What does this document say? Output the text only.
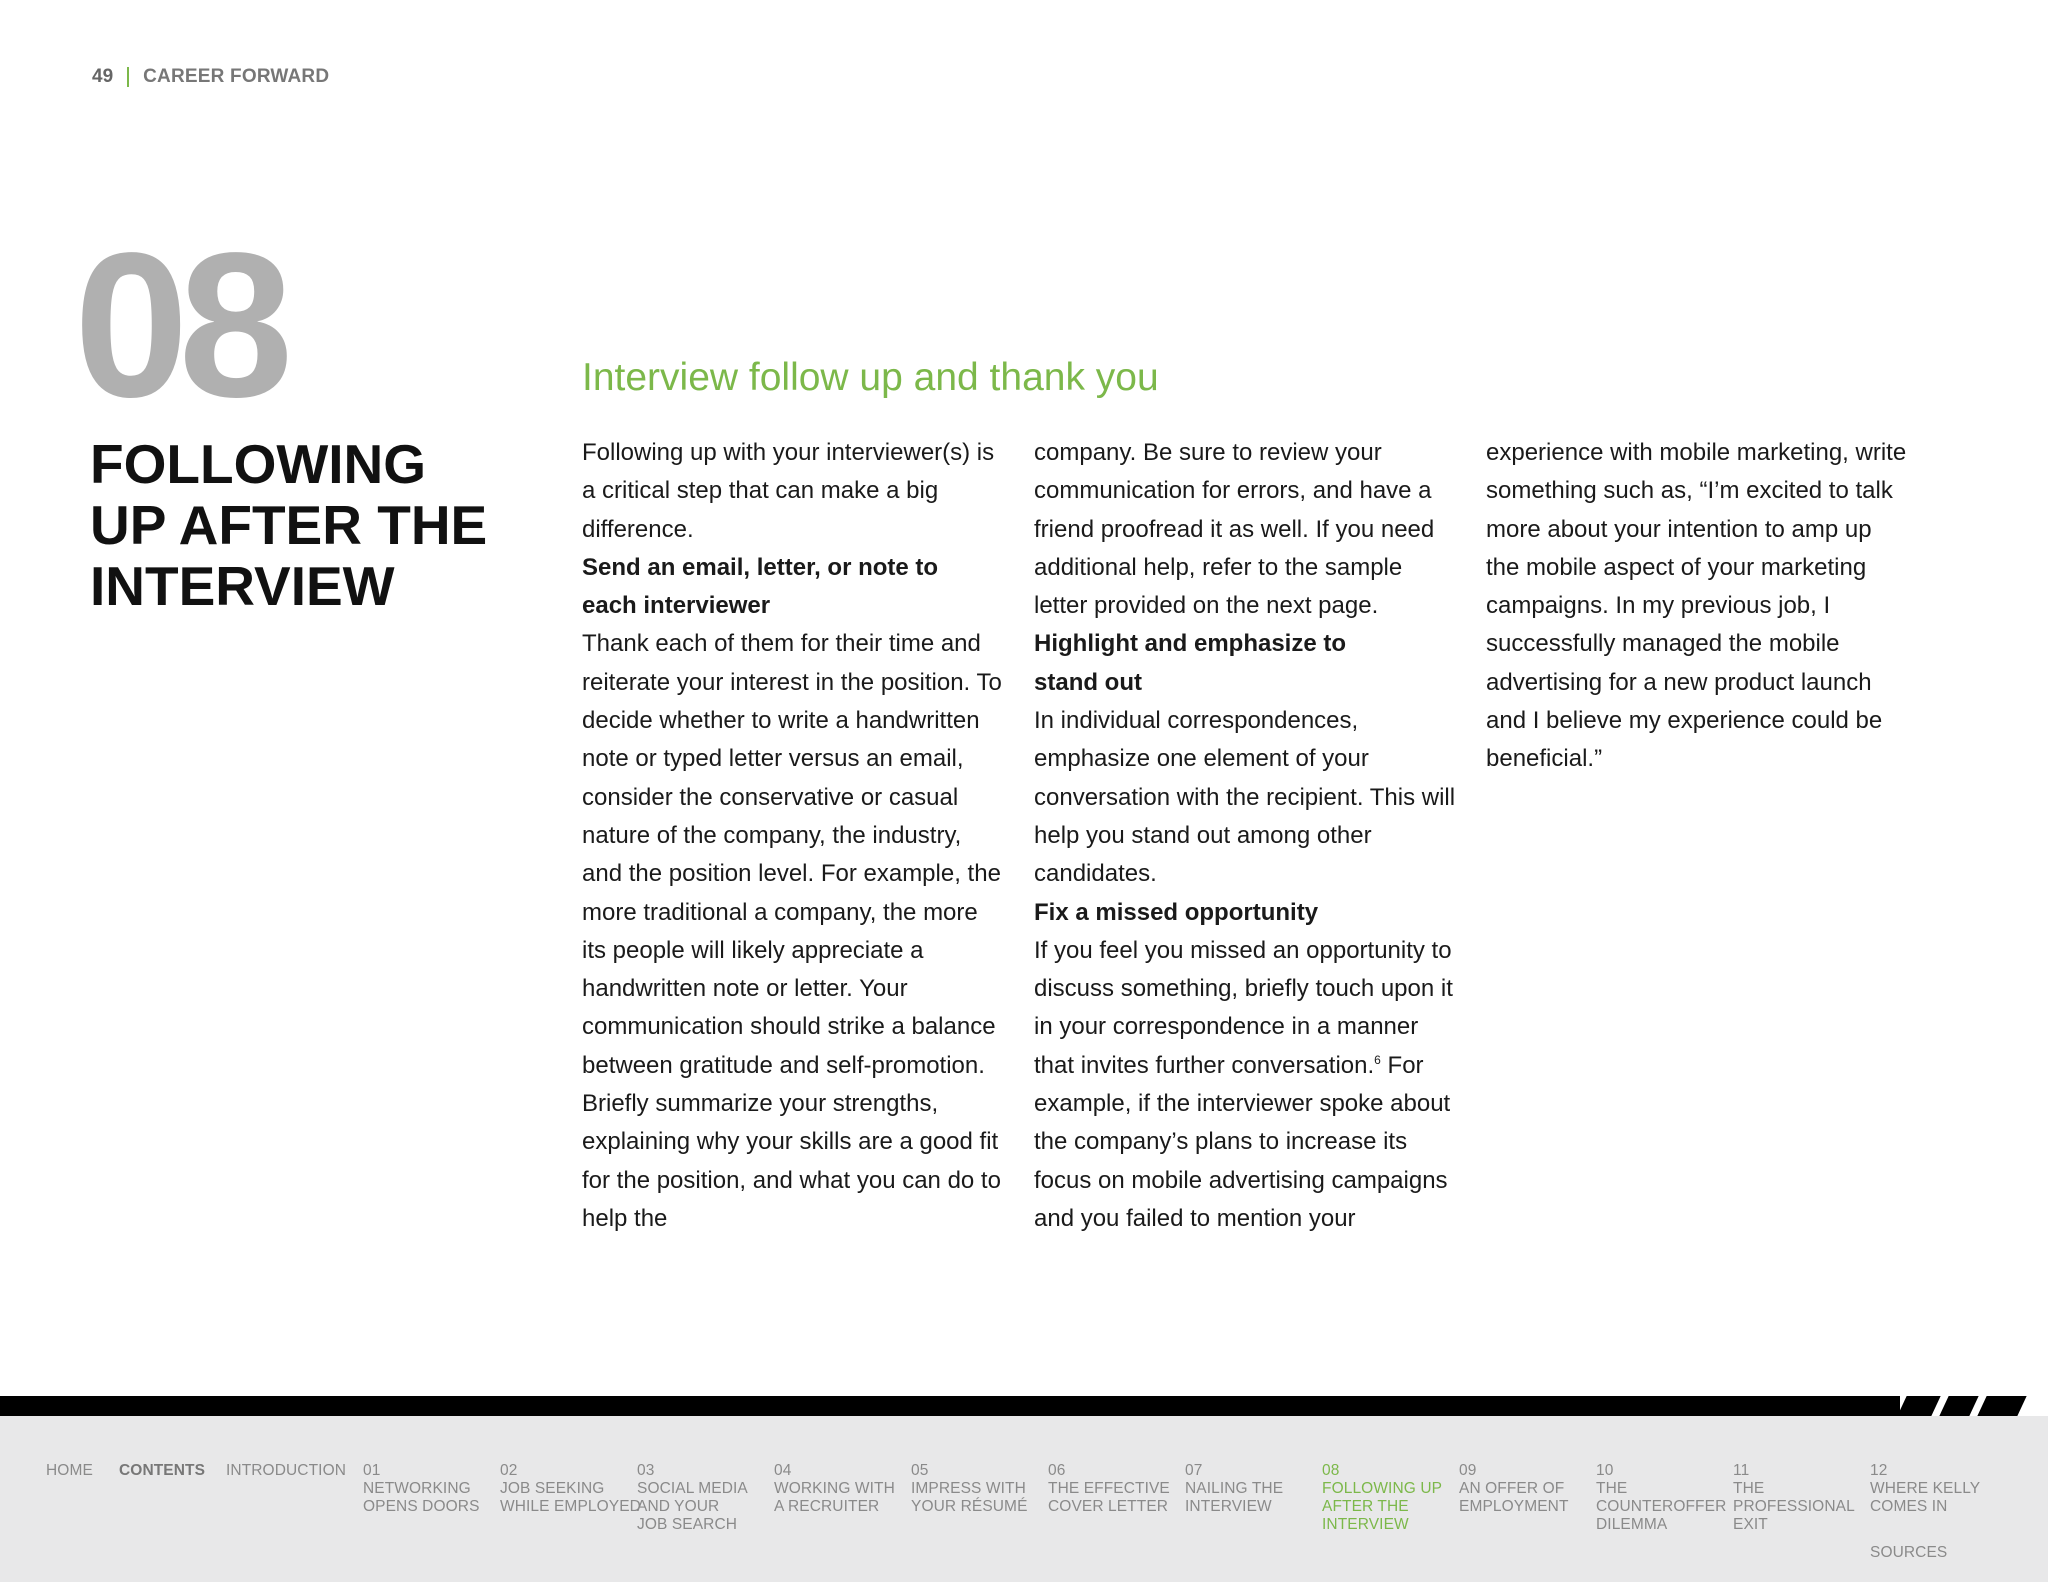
49 CAREER FORWARD
08
FOLLOWING
UP AFTER THE
INTERVIEW
Interview follow up and thank you

Following up with your interviewer(s) is a critical step that can make a big difference.

Send an email, letter, or note to
each interviewer

Thank each of them for their time and reiterate your interest in the position. To decide whether to write a handwritten note or typed letter versus an email, consider the conservative or casual nature of the company, the industry, and the position level. For example, the more traditional a company, the more its people will likely appreciate a handwritten note or letter. Your communication should strike a balance between gratitude and self-promotion. Briefly summarize your strengths, explaining why your skills are a good fit for the position, and what you can do to help the

company. Be sure to review your communication for errors, and have a friend proofread it as well. If you need additional help, refer to the sample letter provided on the next page.

Highlight and emphasize to
stand out

In individual correspondences, emphasize one element of your conversation with the recipient. This will help you stand out among other candidates.

Fix a missed opportunity

If you feel you missed an opportunity to discuss something, briefly touch upon it in your correspondence in a manner that invites further conversation.$^6$ For example, if the interviewer spoke about the company’s plans to increase its focus on mobile advertising campaigns and you failed to mention your

experience with mobile marketing, write something such as, “I’m excited to talk more about your intention to amp up the mobile aspect of your marketing campaigns. In my previous job, I successfully managed the mobile advertising for a new product launch and I believe my experience could be beneficial.”

HOME CONTENTS INTRODUCTION 01
NETWORKING
OPENS DOORS
02
JOB SEEKING
WHILE EMPLOYED
03
SOCIAL MEDIA
AND YOUR
JOB SEARCH
04
WORKING WITH
A RECRUITER
05
IMPRESS WITH
YOUR RÉSUMÉ
06
THE EFFECTIVE
COVER LETTER
07
NAILING THE
INTERVIEW
08
FOLLOWING UP
AFTER THE
INTERVIEW
09
AN OFFER OF
EMPLOYMENT
10
THE
COUNTEROFFER
DILEMMA
11
THE
PROFESSIONAL
EXIT
12
WHERE KELLY
COMES IN
SOURCES
